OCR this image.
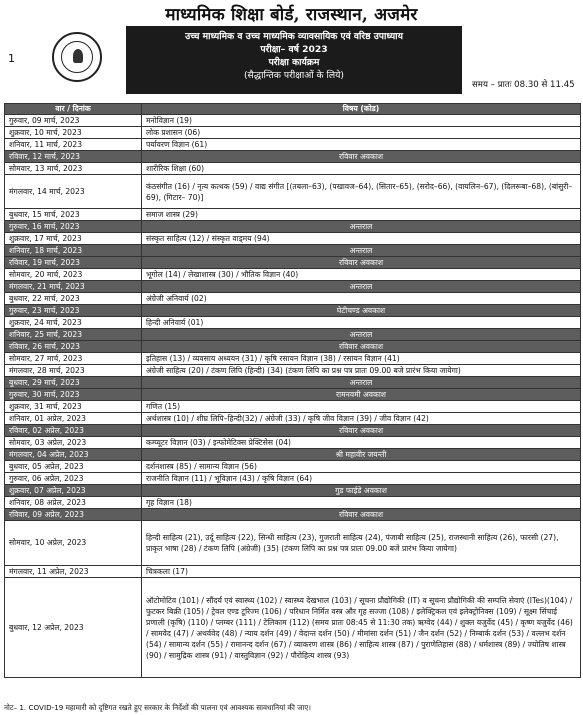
माध्यमिक शिक्षा बोर्ड, राजस्थान, अजमेर
1
उच्च माध्यमिक व उच्च माध्यमिक व्यावसायिक एवं वरिष्ठ उपाध्याय
परीक्षा– वर्ष 2023
परीक्षा कार्यक्रम
(सैद्धान्तिक परीक्षाओं के लिये)
समय – प्रातः 08.30 से 11.45
वार / दिनांक	विषय (कोड)
गुरुवार, 09 मार्च, 2023	मनोविज्ञान (19)
शुक्रवार, 10 मार्च, 2023	लोक प्रशासन (06)
शनिवार, 11 मार्च, 2023	पर्यावरण विज्ञान (61)
रविवार, 12 मार्च, 2023	रविवार अवकाश
सोमवार, 13 मार्च, 2023	शारीरिक शिक्षा (60)
मंगलवार, 14 मार्च, 2023	कंठसंगीत (16) / नृत्य कत्थक (59) / वाद्य संगीत [(तबला–63), (पखावज–64), (सितार–65), (सरोद–66), (वायलिन–67), (दिलरूबा–68), (बांसुरी–69), (गिटार– 70)]
बुधवार, 15 मार्च, 2023	समाज शास्त्र (29)
गुरुवार, 16 मार्च, 2023	अन्तराल
शुक्रवार, 17 मार्च, 2023	संस्कृत साहित्य (12) / संस्कृत वाड्मय (94)
शनिवार, 18 मार्च, 2023	अन्तराल
रविवार, 19 मार्च, 2023	रविवार अवकाश
सोमवार, 20 मार्च, 2023	भूगोल (14) / लेखाशास्त्र (30) / भौतिक विज्ञान (40)
मंगलवार, 21 मार्च, 2023	अन्तराल
बुधवार, 22 मार्च, 2023	अंग्रेजी अनिवार्य (02)
गुरुवार, 23 मार्च, 2023	घेटीचण्ड अवकाश
शुक्रवार, 24 मार्च, 2023	हिन्दी अनिवार्य (01)
शनिवार, 25 मार्च, 2023	अन्तराल
रविवार, 26 मार्च, 2023	रविवार अवकाश
सोमवार, 27 मार्च, 2023	इतिहास (13) / व्यवसाय अध्ययन (31) / कृषि रसायन विज्ञान (38) / रसायन विज्ञान (41)
मंगलवार, 28 मार्च, 2023	अंग्रेजी साहित्य (20) / टंकण लिपि (हिन्दी) (34) (टंकण लिपि का प्रश्न पत्र प्रातः 09.00 बजे प्रारंभ किया जायेगा)
बुधवार, 29 मार्च, 2023	अन्तराल
गुरुवार, 30 मार्च, 2023	रामनवमी अवकाश
शुक्रवार, 31 मार्च, 2023	गणित (15)
शनिवार, 01 अप्रेल, 2023	अर्थशास्त्र (10) / शीघ्र लिपि–हिन्दी(32) / अंग्रेजी (33) / कृषि जीव विज्ञान (39) / जीव विज्ञान (42)
रविवार, 02 अप्रेल, 2023	रविवार अवकाश
सोमवार, 03 अप्रेल, 2023	कम्प्यूटर विज्ञान (03) / इन्फोमेटिक्स प्रेक्टिसेस (04)
मंगलवार, 04 अप्रेल, 2023	श्री महावीर जयन्ती
बुधवार, 05 अप्रेल, 2023	दर्शनशास्त्र (85) / सामान्य विज्ञान (56)
गुरुवार, 06 अप्रेल, 2023	राजनीति विज्ञान (11) / भूविज्ञान (43) / कृषि विज्ञान (64)
शुक्रवार, 07 अप्रेल, 2023	गुड फाईडे अवकाश
शनिवार, 08 अप्रेल, 2023	गृह विज्ञान (18)
रविवार, 09 अप्रेल, 2023	रविवार अवकाश
सोमवार, 10 अप्रेल, 2023	हिन्दी साहित्य (21), उर्दू साहित्य (22), सिन्धी साहित्य (23), गुजराती साहित्य (24), पंजाबी साहित्य (25), राजस्थानी साहित्य (26), फारसी (27), प्राकृत भाषा (28) / टंकण लिपि (अंग्रेजी) (35) (टंकण लिपि का प्रश्न पत्र प्रातः 09.00 बजे प्रारंभ किया जायेगा)
मंगलवार, 11 अप्रेल, 2023	चित्रकला (17)
बुधवार, 12 अप्रेल, 2023	ऑटोमोटिव (101) / सौंदर्य एवं स्वास्थ्य (102) / स्वास्थ्य देखभाल (103) / सूचना प्रौद्योगिकी (IT) व सूचना प्रौद्योगिकी की सम्पत्ति सेवाएं (ITes)(104) / फुटकर बिक्री (105) / ट्रेवल एण्ड टूरिज्म (106) / परिधान निर्मित वस्त्र और गृह सज्जा (108) / इलेक्ट्रिकल एवं इलेक्ट्रोनिक्स (109) / सूक्ष्म सिंचाई प्रणाली (कृषि) (110) / प्लम्बर (111) / टेलिकाम (112) (समय प्रातः 08:45 से 11:30 तक) ऋग्वेद (44) / शुक्ल यजुर्वेद (45) / कृष्ण यजुर्वेद (46) / सामवेद (47) / अथर्ववेद (48) / न्याय दर्शन (49) / वेदान्त दर्शन (50) / मीमांसा दर्शन (51) / जैन दर्शन (52) / निम्बार्क दर्शन (53) / वल्लभ दर्शन (54) / सामान्य दर्शन (55) / रामानन्द दर्शन (67) / व्याकरण शास्त्र (86) / साहित्य शास्त्र (87) / पुराणेतिहास (88) / धर्मशास्त्र (89) / ज्योतिष शास्त्र (90) / सामुद्रिक शास्त्र (91) / वास्तुविज्ञान (92) / पौरोहित्य शास्त्र (93)
नोट– 1. COVID-19 महामारी को दृष्टिगत रखते हुए सरकार के निर्देशों की पालना एवं आवश्यक सावधानियां की जाए।
